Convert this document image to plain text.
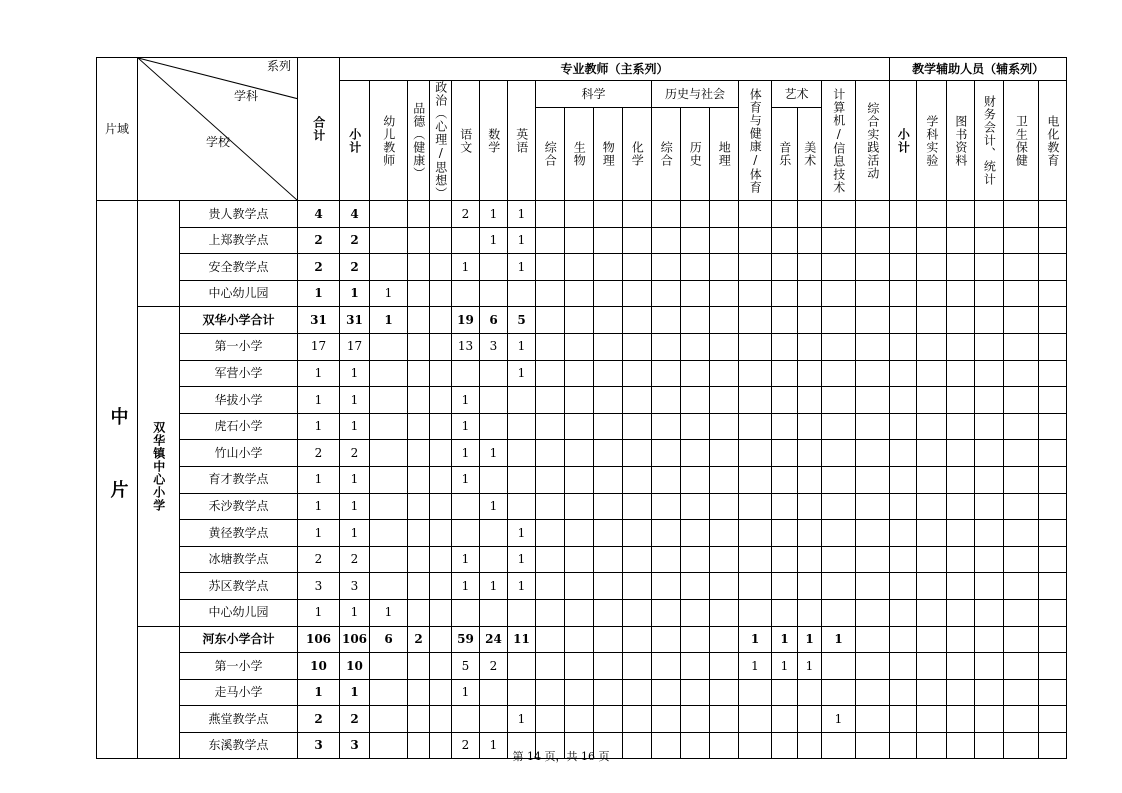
片域	系列
学科
学校		合计	专业教师（主系列）																			教学辅助人员（辅系列）					

				小计	幼儿教师	品德（健康）	政治（心理/思想）	语文	数学	英语	科学				历史与社会			体育与健康/体育	艺术		计算机/信息技术	综合实践活动	小计	学科实验	图书资料	财务会计、统计	卫生保健	电化教育

											综合	生物	物理	化学	综合	历史	地理		音乐	美术								

中片		贵人教学点	4	4				2	1	1																		
		上郑教学点	2	2					1	1																		
		安全教学点	2	2				1		1																		
		中心幼儿园	1	1	1																							

	双华镇中心小学	双华小学合计	31	31	1			19	6	5																		
		第一小学	17	17				13	3	1																		
		军营小学	1	1						1																		
		华拔小学	1	1				1																				
		虎石小学	1	1				1																				
		竹山小学	2	2				1	1																			
		育才教学点	1	1				1																				
		禾沙教学点	1	1					1																			
		黄径教学点	1	1						1																		
		冰塘教学点	2	2				1		1																		
		苏区教学点	3	3				1	1	1																		
		中心幼儿园	1	1	1																							
		河东小学合计	106	106	6	2		59	24	11								1	1	1	1							
		第一小学	10	10				5	2									1	1	1								
		走马小学	1	1				1																				
		燕堂教学点	2	2						1											1							
		东溪教学点	3	3				2	1																			
第 14 页，共 16 页
